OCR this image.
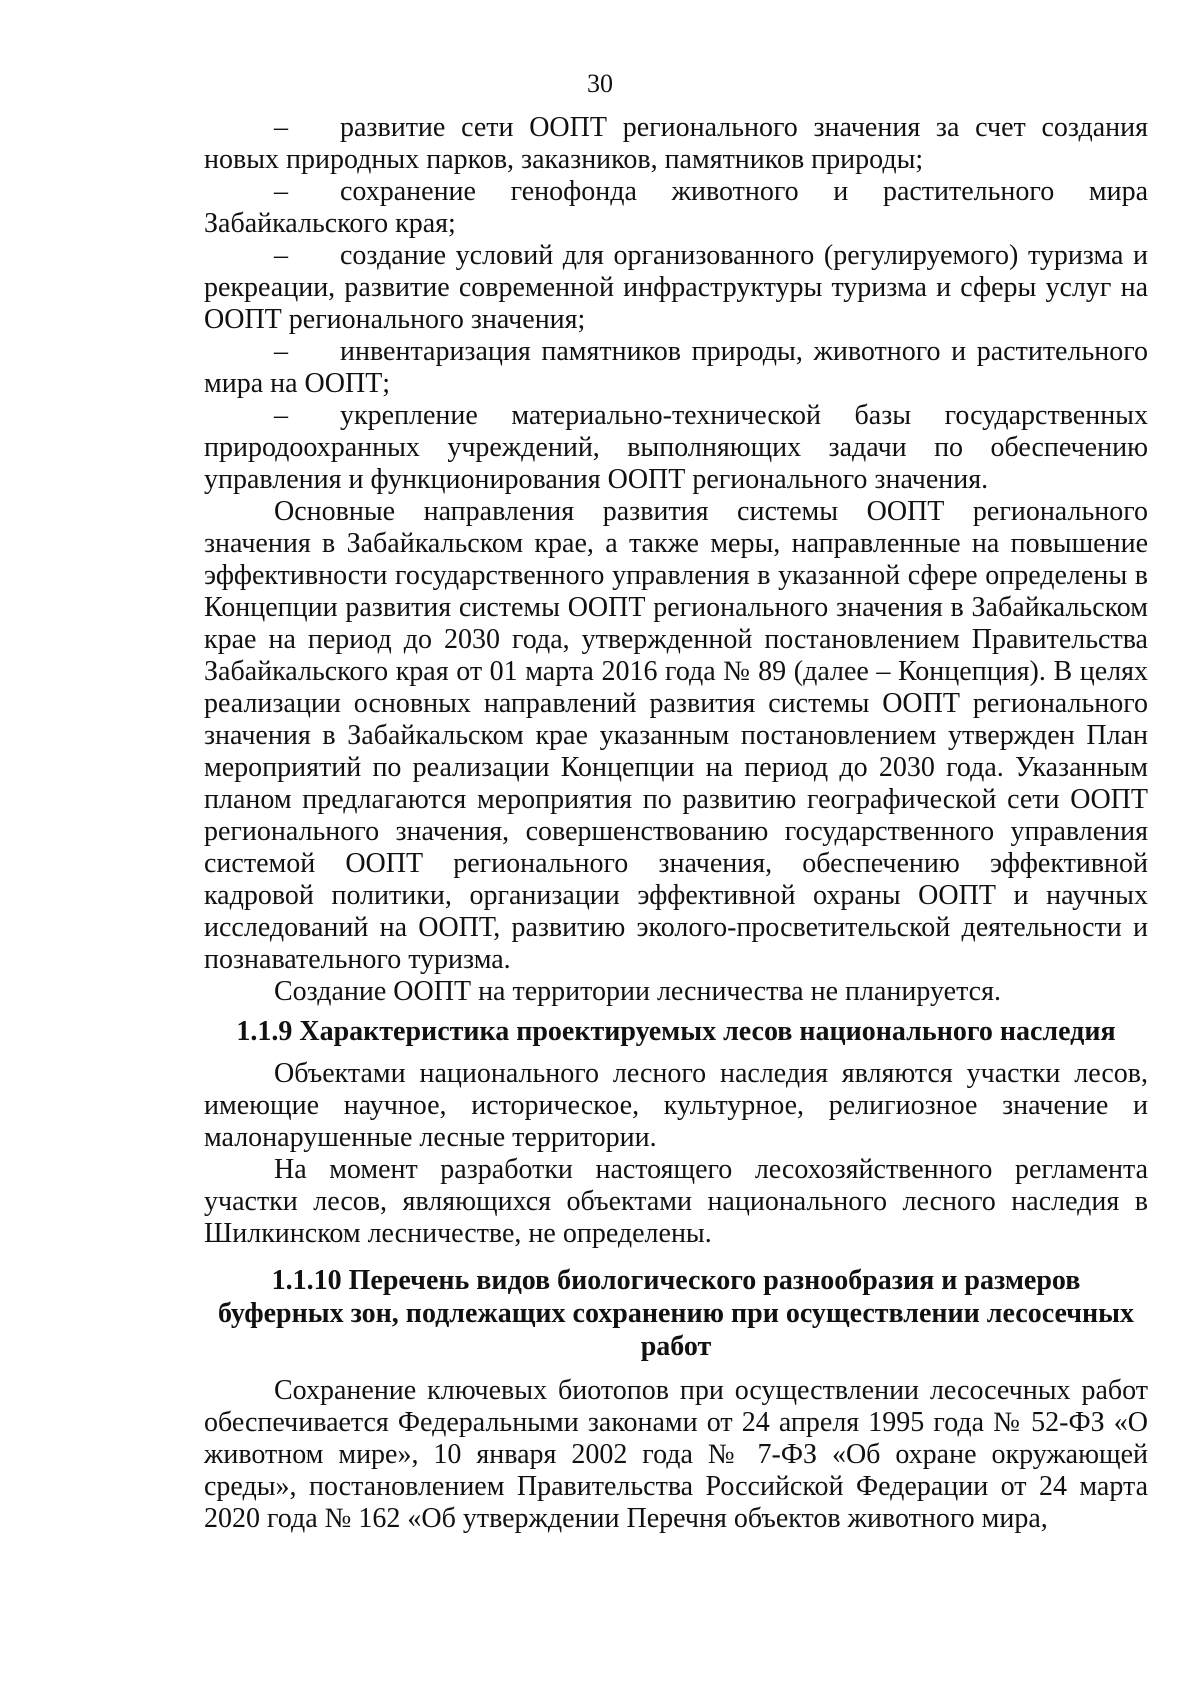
30

– развитие сети ООПТ регионального значения за счет создания новых природных парков, заказников, памятников природы;

– сохранение генофонда животного и растительного мира Забайкальского края;

– создание условий для организованного (регулируемого) туризма и рекреации, развитие современной инфраструктуры туризма и сферы услуг на ООПТ регионального значения;

– инвентаризация памятников природы, животного и растительного мира на ООПТ;

– укрепление материально-технической базы государственных природоохранных учреждений, выполняющих задачи по обеспечению управления и функционирования ООПТ регионального значения.

Основные направления развития системы ООПТ регионального значения в Забайкальском крае, а также меры, направленные на повышение эффективности государственного управления в указанной сфере определены в Концепции развития системы ООПТ регионального значения в Забайкальском крае на период до 2030 года, утвержденной постановлением Правительства Забайкальского края от 01 марта 2016 года № 89 (далее – Концепция). В целях реализации основных направлений развития системы ООПТ регионального значения в Забайкальском крае указанным постановлением утвержден План мероприятий по реализации Концепции на период до 2030 года. Указанным планом предлагаются мероприятия по развитию географической сети ООПТ регионального значения, совершенствованию государственного управления системой ООПТ регионального значения, обеспечению эффективной кадровой политики, организации эффективной охраны ООПТ и научных исследований на ООПТ, развитию эколого-просветительской деятельности и познавательного туризма.

Создание ООПТ на территории лесничества не планируется.

1.1.9 Характеристика проектируемых лесов национального наследия

Объектами национального лесного наследия являются участки лесов, имеющие научное, историческое, культурное, религиозное значение и малонарушенные лесные территории.

На момент разработки настоящего лесохозяйственного регламента участки лесов, являющихся объектами национального лесного наследия в Шилкинском лесничестве, не определены.

1.1.10 Перечень видов биологического разнообразия и размеров
буферных зон, подлежащих сохранению при осуществлении лесосечных
работ

Сохранение ключевых биотопов при осуществлении лесосечных работ обеспечивается Федеральными законами от 24 апреля 1995 года № 52-ФЗ «О животном мире», 10 января 2002 года № 7-ФЗ «Об охране окружающей среды», постановлением Правительства Российской Федерации от 24 марта 2020 года № 162 «Об утверждении Перечня объектов животного мира,
